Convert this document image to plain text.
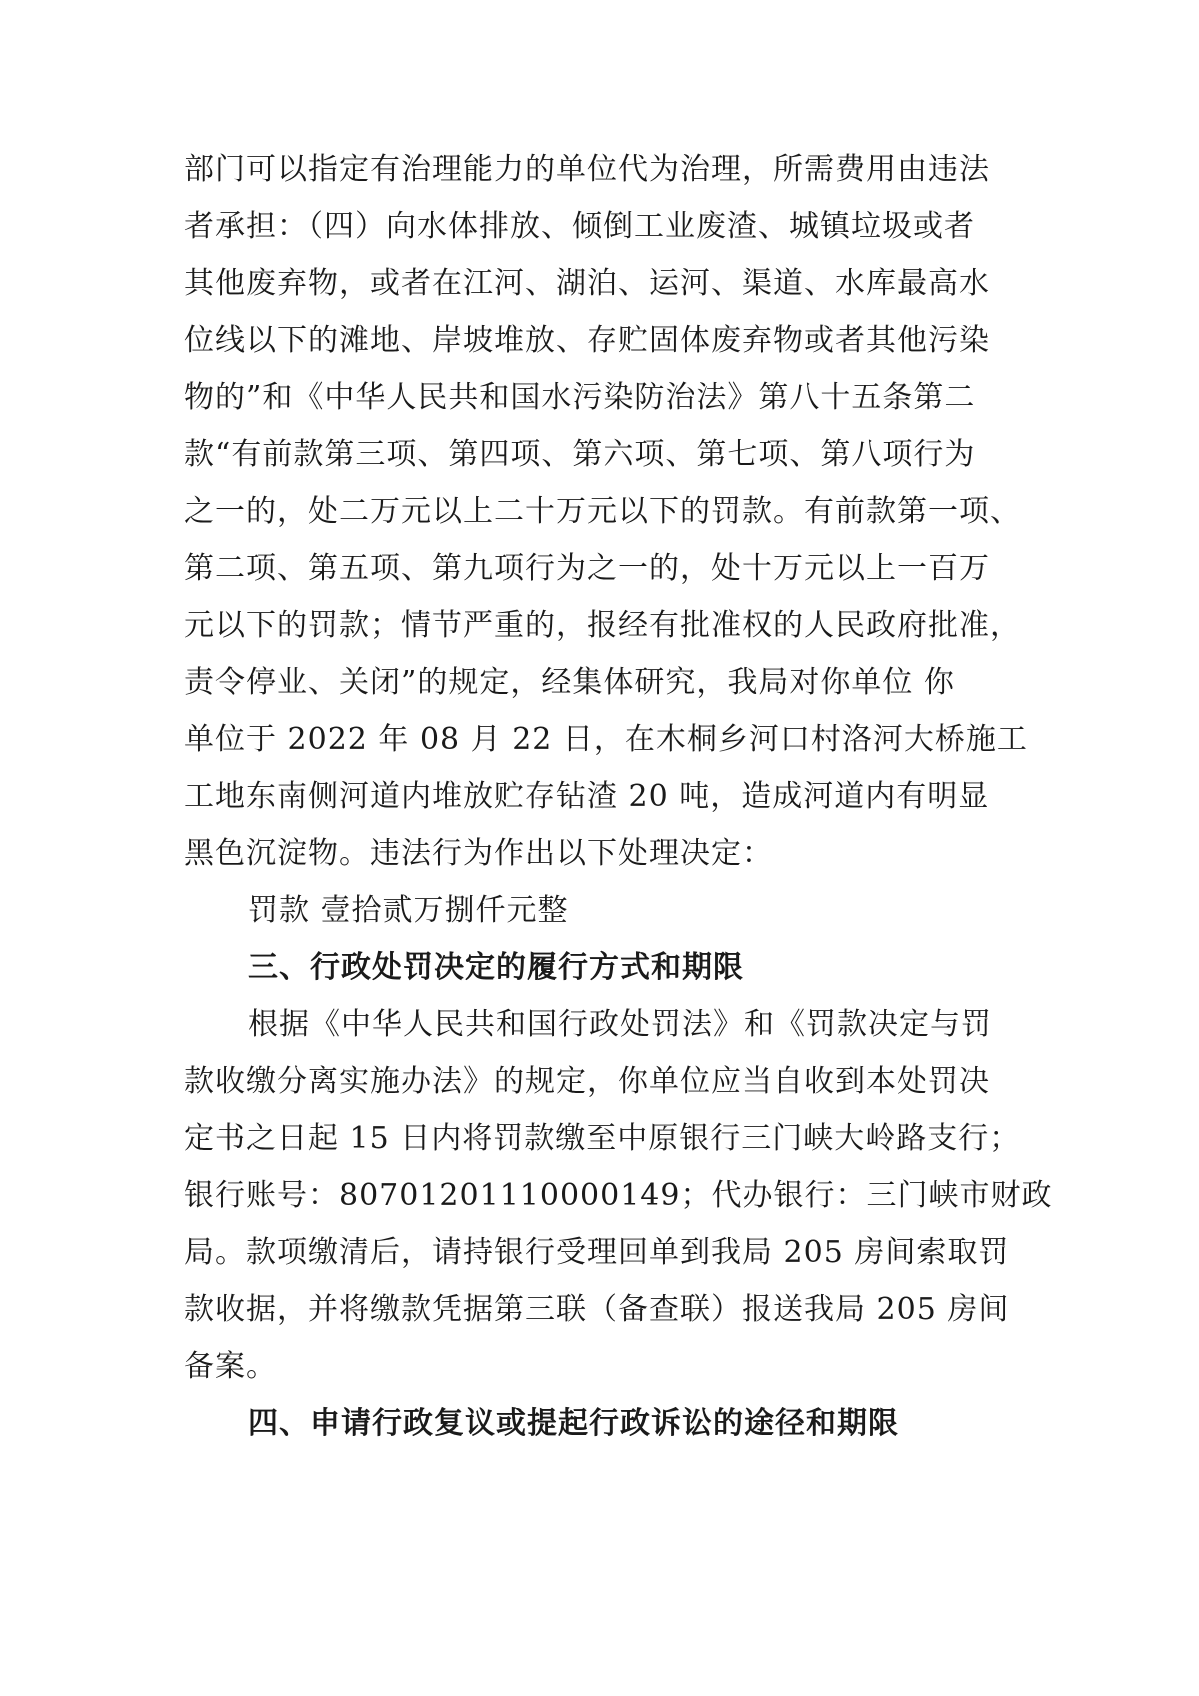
部门可以指定有治理能力的单位代为治理，所需费用由违法
者承担：（四）向水体排放、倾倒工业废渣、城镇垃圾或者
其他废弃物，或者在江河、湖泊、运河、渠道、水库最高水
位线以下的滩地、岸坡堆放、存贮固体废弃物或者其他污染
物的”和《中华人民共和国水污染防治法》第八十五条第二
款“有前款第三项、第四项、第六项、第七项、第八项行为
之一的，处二万元以上二十万元以下的罚款。有前款第一项、
第二项、第五项、第九项行为之一的，处十万元以上一百万
元以下的罚款；情节严重的，报经有批准权的人民政府批准，
责令停业、关闭”的规定，经集体研究，我局对你单位 你
单位于 2022 年 08 月 22 日，在木桐乡河口村洛河大桥施工
工地东南侧河道内堆放贮存钻渣 20 吨，造成河道内有明显
黑色沉淀物。违法行为作出以下处理决定：
罚款 壹拾贰万捌仟元整
三、行政处罚决定的履行方式和期限
根据《中华人民共和国行政处罚法》和《罚款决定与罚
款收缴分离实施办法》的规定，你单位应当自收到本处罚决
定书之日起 15 日内将罚款缴至中原银行三门峡大岭路支行；
银行账号：80701201110000149；代办银行：三门峡市财政
局。款项缴清后，请持银行受理回单到我局 205 房间索取罚
款收据，并将缴款凭据第三联（备查联）报送我局 205 房间
备案。
四、申请行政复议或提起行政诉讼的途径和期限
